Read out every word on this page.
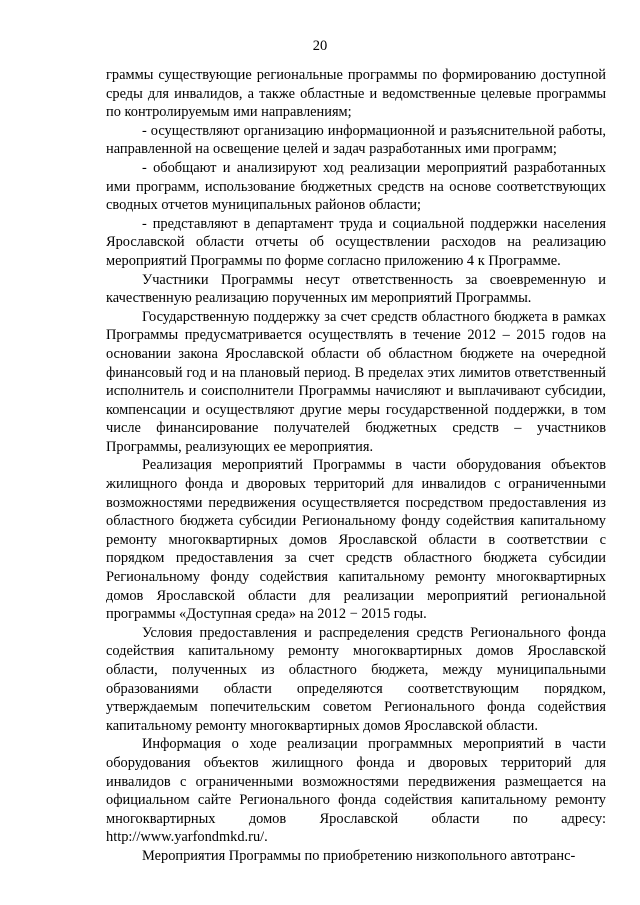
20

граммы существующие региональные программы по формированию доступной среды для инвалидов, а также областные и ведомственные целевые программы по контролируемым ими направлениям;

- осуществляют организацию информационной и разъяснительной работы, направленной на освещение целей и задач разработанных ими программ;

- обобщают и анализируют ход реализации мероприятий разработанных ими программ, использование бюджетных средств на основе соответствующих сводных отчетов муниципальных районов области;

- представляют в департамент труда и социальной поддержки населения Ярославской области отчеты об осуществлении расходов на реализацию мероприятий Программы по форме согласно приложению 4 к Программе.

Участники Программы несут ответственность за своевременную и качественную реализацию порученных им мероприятий Программы.

Государственную поддержку за счет средств областного бюджета в рамках Программы предусматривается осуществлять в течение 2012 – 2015 годов на основании закона Ярославской области об областном бюджете на очередной финансовый год и на плановый период. В пределах этих лимитов ответственный исполнитель и соисполнители Программы начисляют и выплачивают субсидии, компенсации и осуществляют другие меры государственной поддержки, в том числе финансирование получателей бюджетных средств – участников Программы, реализующих ее мероприятия.

Реализация мероприятий Программы в части оборудования объектов жилищного фонда и дворовых территорий для инвалидов с ограниченными возможностями передвижения осуществляется посредством предоставления из областного бюджета субсидии Региональному фонду содействия капитальному ремонту многоквартирных домов Ярославской области в соответствии с порядком предоставления за счет средств областного бюджета субсидии Региональному фонду содействия капитальному ремонту многоквартирных домов Ярославской области для реализации мероприятий региональной программы «Доступная среда» на 2012 − 2015 годы.

Условия предоставления и распределения средств Регионального фонда содействия капитальному ремонту многоквартирных домов Ярославской области, полученных из областного бюджета, между муниципальными образованиями области определяются соответствующим порядком, утверждаемым попечительским советом Регионального фонда содействия капитальному ремонту многоквартирных домов Ярославской области.

Информация о ходе реализации программных мероприятий в части оборудования объектов жилищного фонда и дворовых территорий для инвалидов с ограниченными возможностями передвижения размещается на официальном сайте Регионального фонда содействия капитальному ремонту многоквартирных домов Ярославской области по адресу: http://www.yarfondmkd.ru/.

Мероприятия Программы по приобретению низкопольного автотранс-
